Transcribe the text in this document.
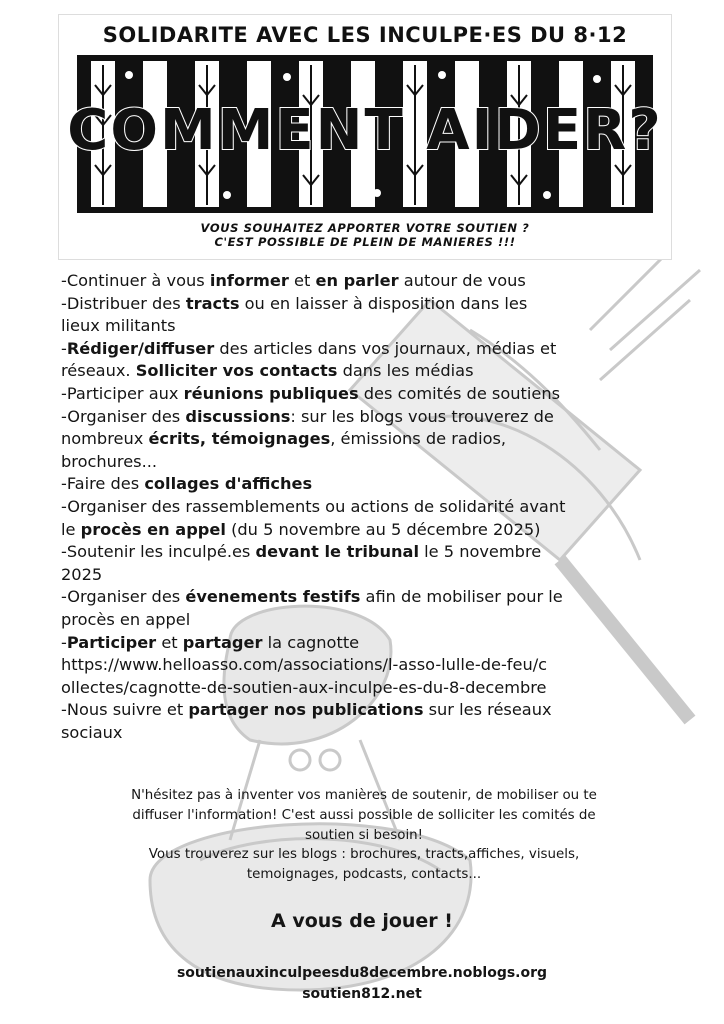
SOLIDARITE AVEC LES INCULPE·ES DU 8·12
COMMENT AIDER?
VOUS SOUHAITEZ APPORTER VOTRE SOUTIEN ?
C'EST POSSIBLE DE PLEIN DE MANIERES !!!
-Continuer à vous informer et en parler autour de vous
-Distribuer des tracts ou en laisser à disposition dans les
lieux militants
-Rédiger/diffuser des articles dans vos journaux, médias et
réseaux. Solliciter vos contacts dans les médias
-Participer aux réunions publiques des comités de soutiens
-Organiser des discussions: sur les blogs vous trouverez de
nombreux écrits, témoignages, émissions de radios,
brochures...
-Faire des collages d'affiches
-Organiser des rassemblements ou actions de solidarité avant
le procès en appel (du 5 novembre au 5 décembre 2025)
-Soutenir les inculpé.es devant le tribunal le 5 novembre
2025
-Organiser des évenements festifs afin de mobiliser pour le
procès en appel
-Participer et partager la cagnotte
https://www.helloasso.com/associations/l-asso-lulle-de-feu/c
ollectes/cagnotte-de-soutien-aux-inculpe-es-du-8-decembre
-Nous suivre et partager nos publications sur les réseaux
sociaux
N'hésitez pas à inventer vos manières de soutenir, de mobiliser ou te
diffuser l'information! C'est aussi possible de solliciter les comités de
soutien si besoin!
Vous trouverez sur les blogs : brochures, tracts,affiches, visuels,
temoignages, podcasts, contacts...
A vous de jouer !
soutienauxinculpeesdu8decembre.noblogs.org
soutien812.net
